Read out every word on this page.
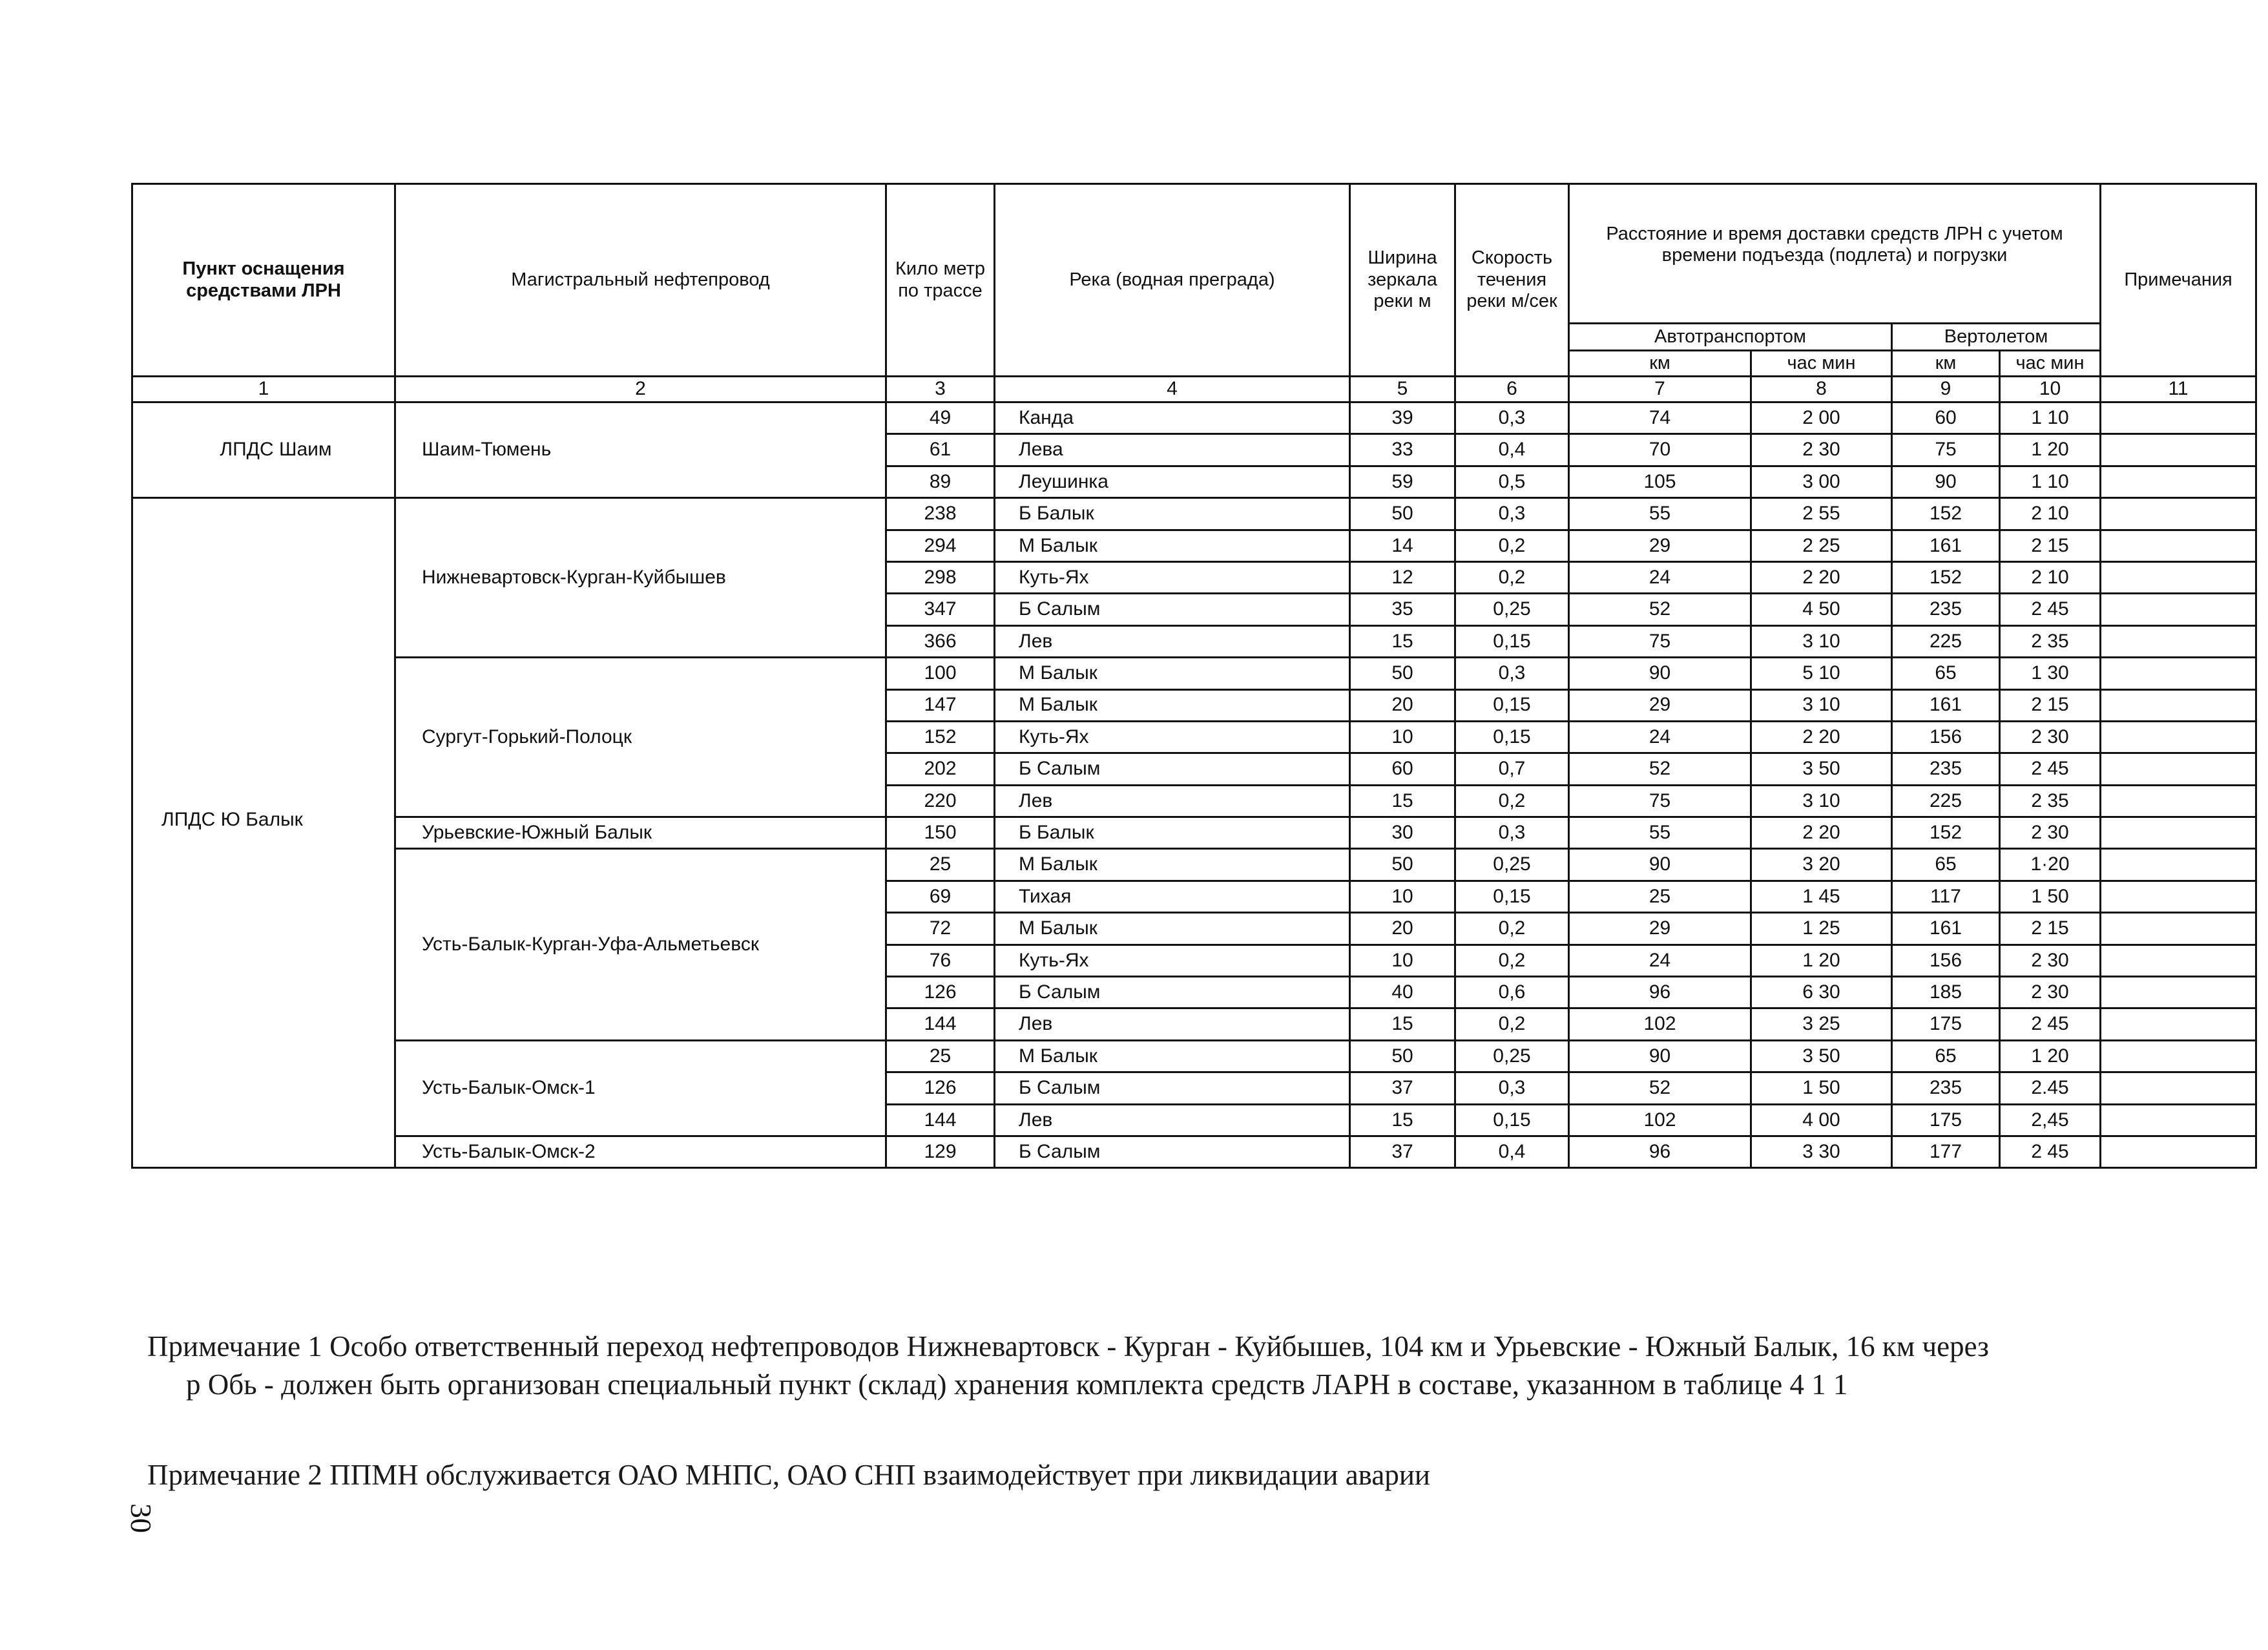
Пункт оснащения средствами ЛРН	Магистральный нефтепровод	Кило метр по трассе	Река (водная преграда)	Ширина зеркала реки м	Скорость течения реки м/сек	Расстояние и время доставки средств ЛРН с учетом времени подъезда (подлета) и погрузки				Примечания
						Автотранспортом		Вертолетом		
						км	час мин	км	час мин	
1	2	3	4	5	6	7	8	9	10	11
ЛПДС Шаим	Шаим-Тюмень	49	Канда	39	0,3	74	2 00	60	1 10	
		61	Лева	33	0,4	70	2 30	75	1 20	
		89	Леушинка	59	0,5	105	3 00	90	1 10	
ЛПДС Ю Балык	Нижневартовск-Курган-Куйбышев	238	Б Балык	50	0,3	55	2 55	152	2 10	
		294	М Балык	14	0,2	29	2 25	161	2 15	
		298	Куть-Ях	12	0,2	24	2 20	152	2 10	
		347	Б Салым	35	0,25	52	4 50	235	2 45	
		366	Лев	15	0,15	75	3 10	225	2 35	
	Сургут-Горький-Полоцк	100	М Балык	50	0,3	90	5 10	65	1 30	
		147	М Балык	20	0,15	29	3 10	161	2 15	
		152	Куть-Ях	10	0,15	24	2 20	156	2 30	
		202	Б Салым	60	0,7	52	3 50	235	2 45	
		220	Лев	15	0,2	75	3 10	225	2 35	
	Урьевские-Южный Балык	150	Б Балык	30	0,3	55	2 20	152	2 30	
	Усть-Балык-Курган-Уфа-Альметьевск	25	М Балык	50	0,25	90	3 20	65	1·20	
		69	Тихая	10	0,15	25	1 45	117	1 50	
		72	М Балык	20	0,2	29	1 25	161	2 15	
		76	Куть-Ях	10	0,2	24	1 20	156	2 30	
		126	Б Салым	40	0,6	96	6 30	185	2 30	
		144	Лев	15	0,2	102	3 25	175	2 45	
	Усть-Балык-Омск-1	25	М Балык	50	0,25	90	3 50	65	1 20	
		126	Б Салым	37	0,3	52	1 50	235	2.45	
		144	Лев	15	0,15	102	4 00	175	2,45	
	Усть-Балык-Омск-2	129	Б Салым	37	0,4	96	3 30	177	2 45	

Примечание 1 Особо ответственный переход нефтепроводов Нижневартовск - Курган - Куйбышев, 104 км и Урьевские - Южный Балык, 16 км через

р Обь - должен быть организован специальный пункт (склад) хранения комплекта средств ЛАРН в составе, указанном в таблице 4 1 1

Примечание 2 ППМН обслуживается ОАО МНПС, ОАО СНП взаимодействует при ликвидации аварии

30
